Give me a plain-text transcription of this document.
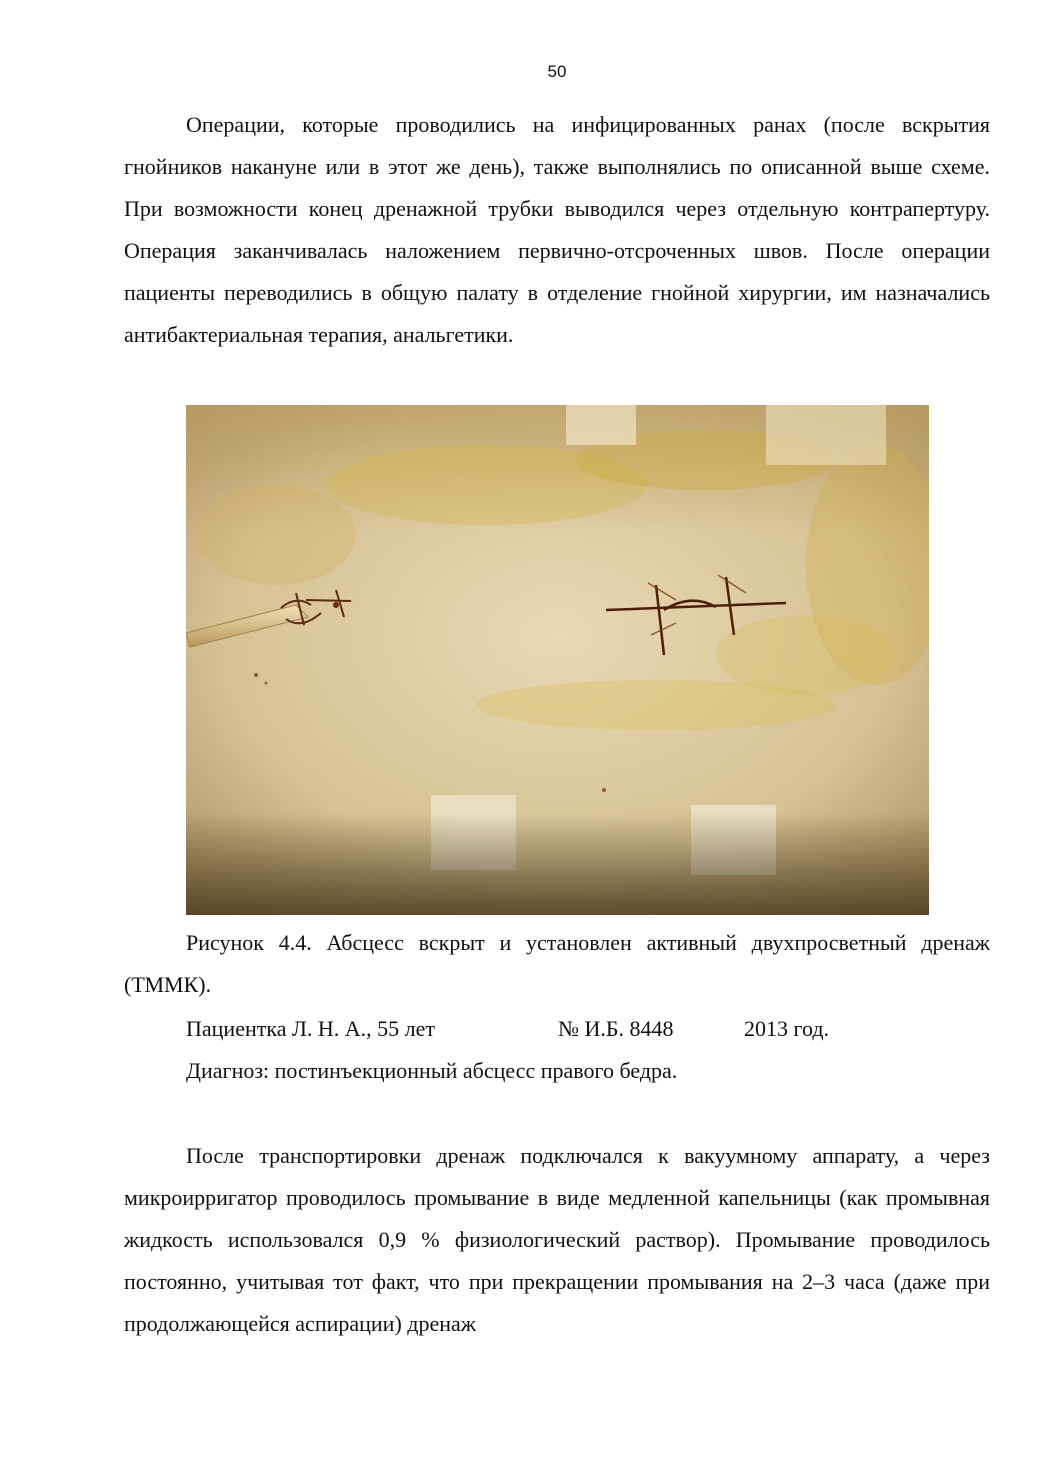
50

Операции, которые проводились на инфицированных ранах (после вскрытия гнойников накануне или в этот же день), также выполнялись по описанной выше схеме. При возможности конец дренажной трубки выводился через отдельную контрапертуру. Операция заканчивалась наложением первично-отсроченных швов. После операции пациенты переводились в общую палату в отделение гнойной хирургии, им назначались антибактериальная терапия, анальгетики.

Рисунок 4.4. Абсцесс вскрыт и установлен активный двухпросветный дренаж (ТММК).

Пациентка Л. Н. А., 55 лет	№ И.Б. 8448	2013 год.
Диагноз: постинъекционный абсцесс правого бедра.

После транспортировки дренаж подключался к вакуумному аппарату, а через микроирригатор проводилось промывание в виде медленной капельницы (как промывная жидкость использовался 0,9 % физиологический раствор). Промывание проводилось постоянно, учитывая тот факт, что при прекращении промывания на 2–3 часа (даже при продолжающейся аспирации) дренаж
